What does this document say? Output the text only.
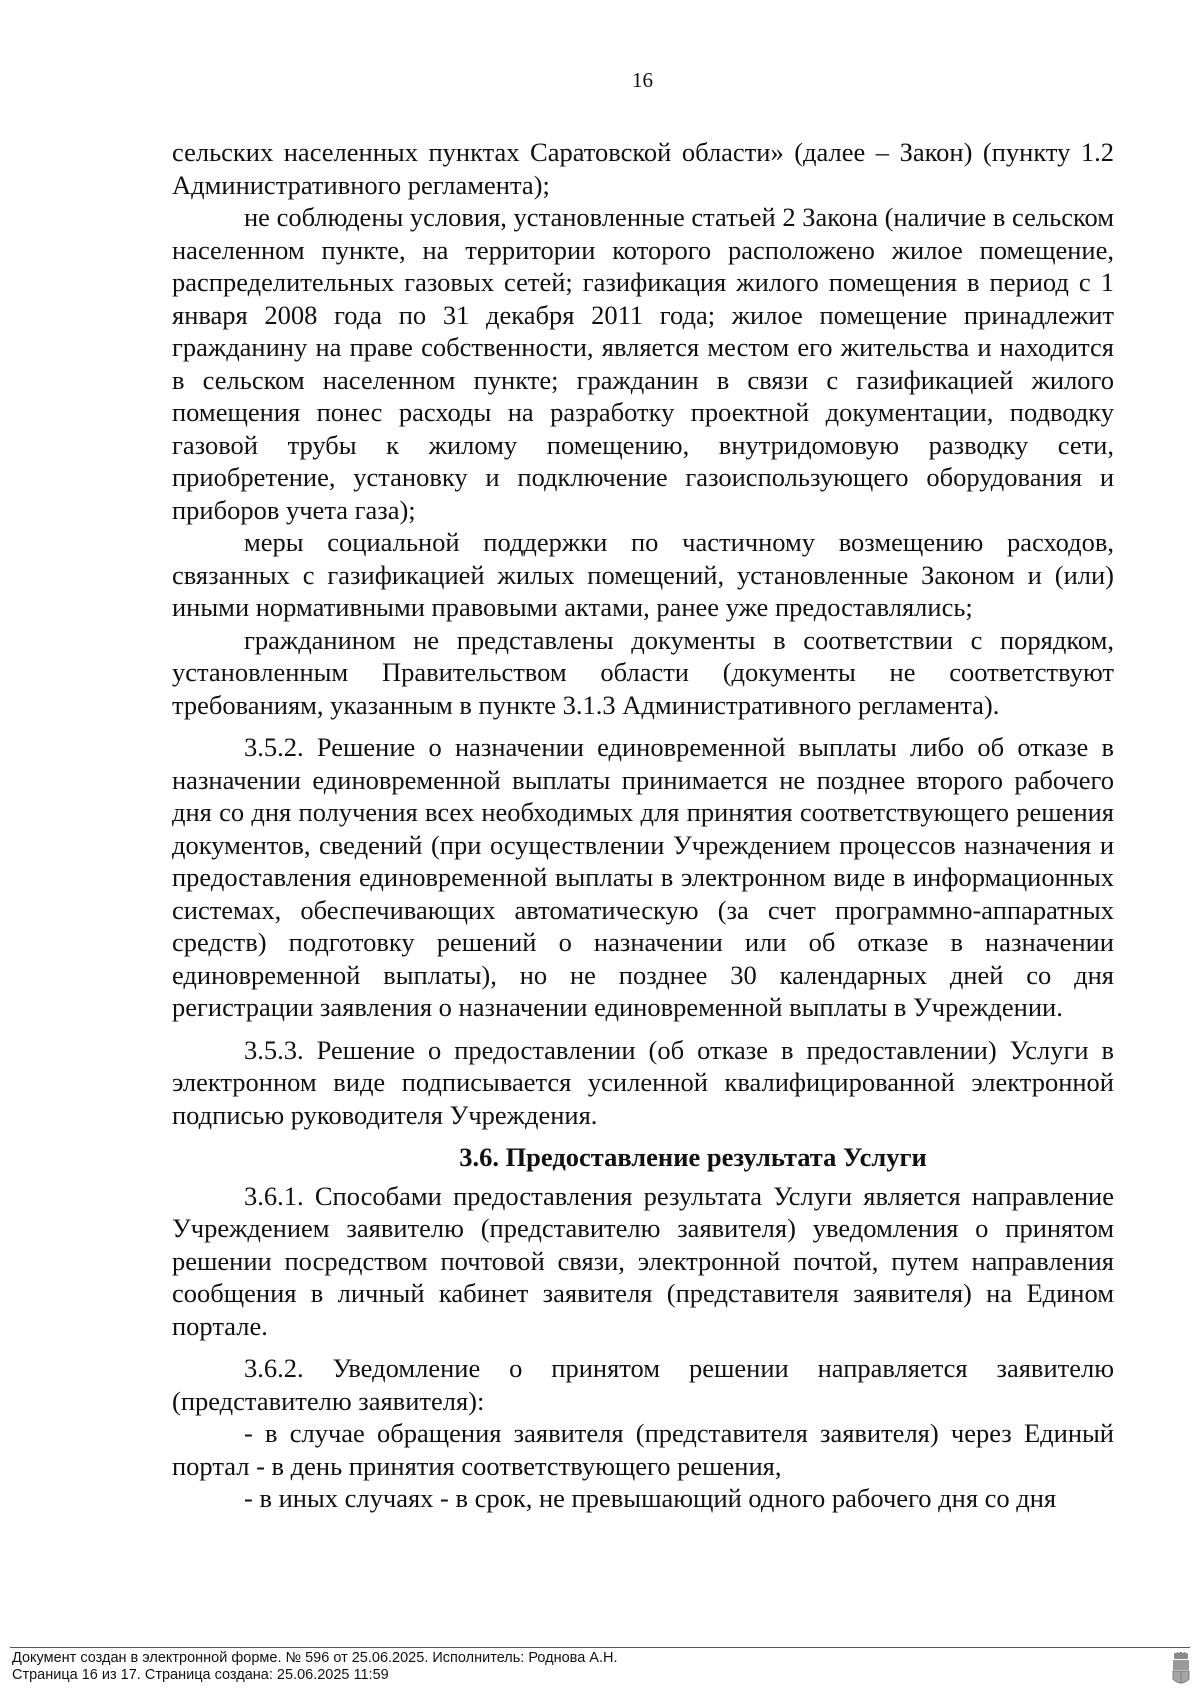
16

сельских населенных пунктах Саратовской области» (далее – Закон) (пункту 1.2 Административного регламента);

не соблюдены условия, установленные статьей 2 Закона (наличие в сельском населенном пункте, на территории которого расположено жилое помещение, распределительных газовых сетей; газификация жилого помещения в период с 1 января 2008 года по 31 декабря 2011 года; жилое помещение принадлежит гражданину на праве собственности, является местом его жительства и находится в сельском населенном пункте; гражданин в связи с газификацией жилого помещения понес расходы на разработку проектной документации, подводку газовой трубы к жилому помещению, внутридомовую разводку сети, приобретение, установку и подключение газоиспользующего оборудования и приборов учета газа);

меры социальной поддержки по частичному возмещению расходов, связанных с газификацией жилых помещений, установленные Законом и (или) иными нормативными правовыми актами, ранее уже предоставлялись;

гражданином не представлены документы в соответствии с порядком, установленным Правительством области (документы не соответствуют требованиям, указанным в пункте 3.1.3 Административного регламента).

3.5.2. Решение о назначении единовременной выплаты либо об отказе в назначении единовременной выплаты принимается не позднее второго рабочего дня со дня получения всех необходимых для принятия соответствующего решения документов, сведений (при осуществлении Учреждением процессов назначения и предоставления единовременной выплаты в электронном виде в информационных системах, обеспечивающих автоматическую (за счет программно-аппаратных средств) подготовку решений о назначении или об отказе в назначении единовременной выплаты), но не позднее 30 календарных дней со дня регистрации заявления о назначении единовременной выплаты в Учреждении.

3.5.3. Решение о предоставлении (об отказе в предоставлении) Услуги в электронном виде подписывается усиленной квалифицированной электронной подписью руководителя Учреждения.

3.6. Предоставление результата Услуги

3.6.1. Способами предоставления результата Услуги является направление Учреждением заявителю (представителю заявителя) уведомления о принятом решении посредством почтовой связи, электронной почтой, путем направления сообщения в личный кабинет заявителя (представителя заявителя) на Едином портале.

3.6.2. Уведомление о принятом решении направляется заявителю (представителю заявителя):

- в случае обращения заявителя (представителя заявителя) через Единый портал - в день принятия соответствующего решения,

- в иных случаях - в срок, не превышающий одного рабочего дня со дня

Документ создан в электронной форме. № 596 от 25.06.2025. Исполнитель: Роднова А.Н.
Страница 16 из 17. Страница создана: 25.06.2025 11:59
